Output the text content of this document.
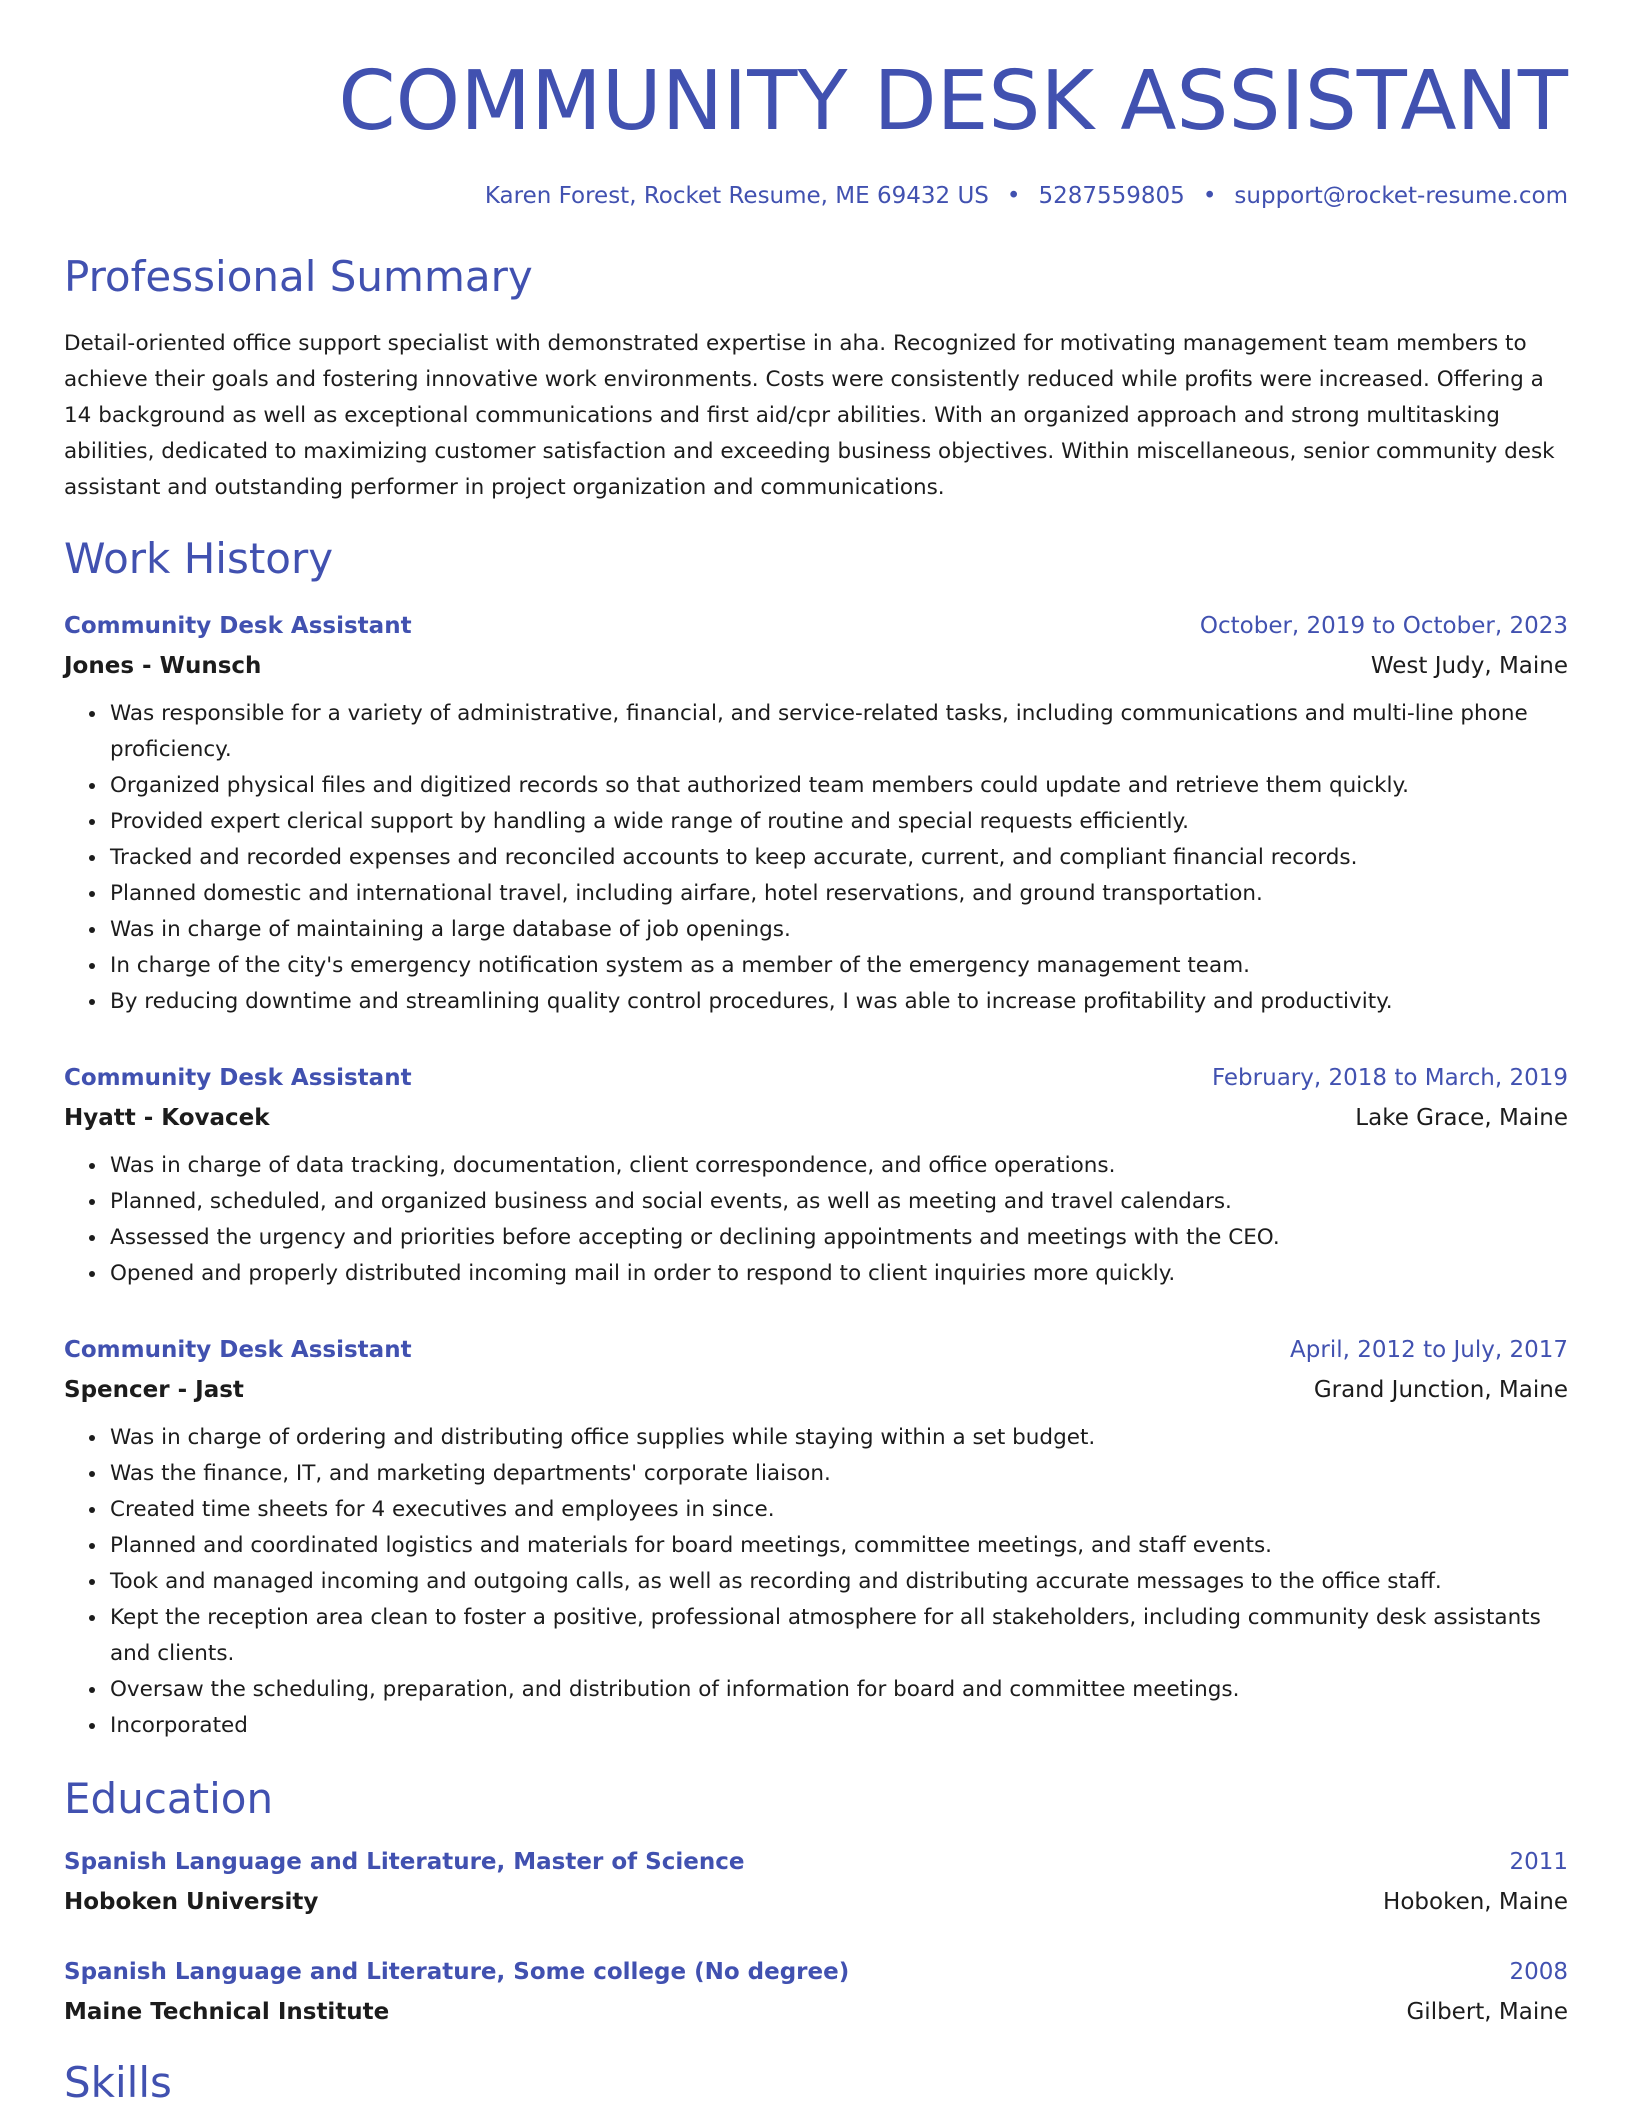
COMMUNITY DESK ASSISTANT
Karen Forest, Rocket Resume, ME 69432 US • 5287559805 • support@rocket-resume.com
Professional Summary
Detail-oriented office support specialist with demonstrated expertise in aha. Recognized for motivating management team members to achieve their goals and fostering innovative work environments. Costs were consistently reduced while profits were increased. Offering a 14 background as well as exceptional communications and first aid/cpr abilities. With an organized approach and strong multitasking abilities, dedicated to maximizing customer satisfaction and exceeding business objectives. Within miscellaneous, senior community desk assistant and outstanding performer in project organization and communications.
Work History
Community Desk Assistant	October, 2019 to October, 2023
Jones - Wunsch	West Judy, Maine
• Was responsible for a variety of administrative, financial, and service-related tasks, including communications and multi-line phone proficiency.
• Organized physical files and digitized records so that authorized team members could update and retrieve them quickly.
• Provided expert clerical support by handling a wide range of routine and special requests efficiently.
• Tracked and recorded expenses and reconciled accounts to keep accurate, current, and compliant financial records.
• Planned domestic and international travel, including airfare, hotel reservations, and ground transportation.
• Was in charge of maintaining a large database of job openings.
• In charge of the city's emergency notification system as a member of the emergency management team.
• By reducing downtime and streamlining quality control procedures, I was able to increase profitability and productivity.
Community Desk Assistant	February, 2018 to March, 2019
Hyatt - Kovacek	Lake Grace, Maine
• Was in charge of data tracking, documentation, client correspondence, and office operations.
• Planned, scheduled, and organized business and social events, as well as meeting and travel calendars.
• Assessed the urgency and priorities before accepting or declining appointments and meetings with the CEO.
• Opened and properly distributed incoming mail in order to respond to client inquiries more quickly.
Community Desk Assistant	April, 2012 to July, 2017
Spencer - Jast	Grand Junction, Maine
• Was in charge of ordering and distributing office supplies while staying within a set budget.
• Was the finance, IT, and marketing departments' corporate liaison.
• Created time sheets for 4 executives and employees in since.
• Planned and coordinated logistics and materials for board meetings, committee meetings, and staff events.
• Took and managed incoming and outgoing calls, as well as recording and distributing accurate messages to the office staff.
• Kept the reception area clean to foster a positive, professional atmosphere for all stakeholders, including community desk assistants and clients.
• Oversaw the scheduling, preparation, and distribution of information for board and committee meetings.
• Incorporated
Education
Spanish Language and Literature, Master of Science	2011
Hoboken University	Hoboken, Maine
Spanish Language and Literature, Some college (No degree)	2008
Maine Technical Institute	Gilbert, Maine
Skills
